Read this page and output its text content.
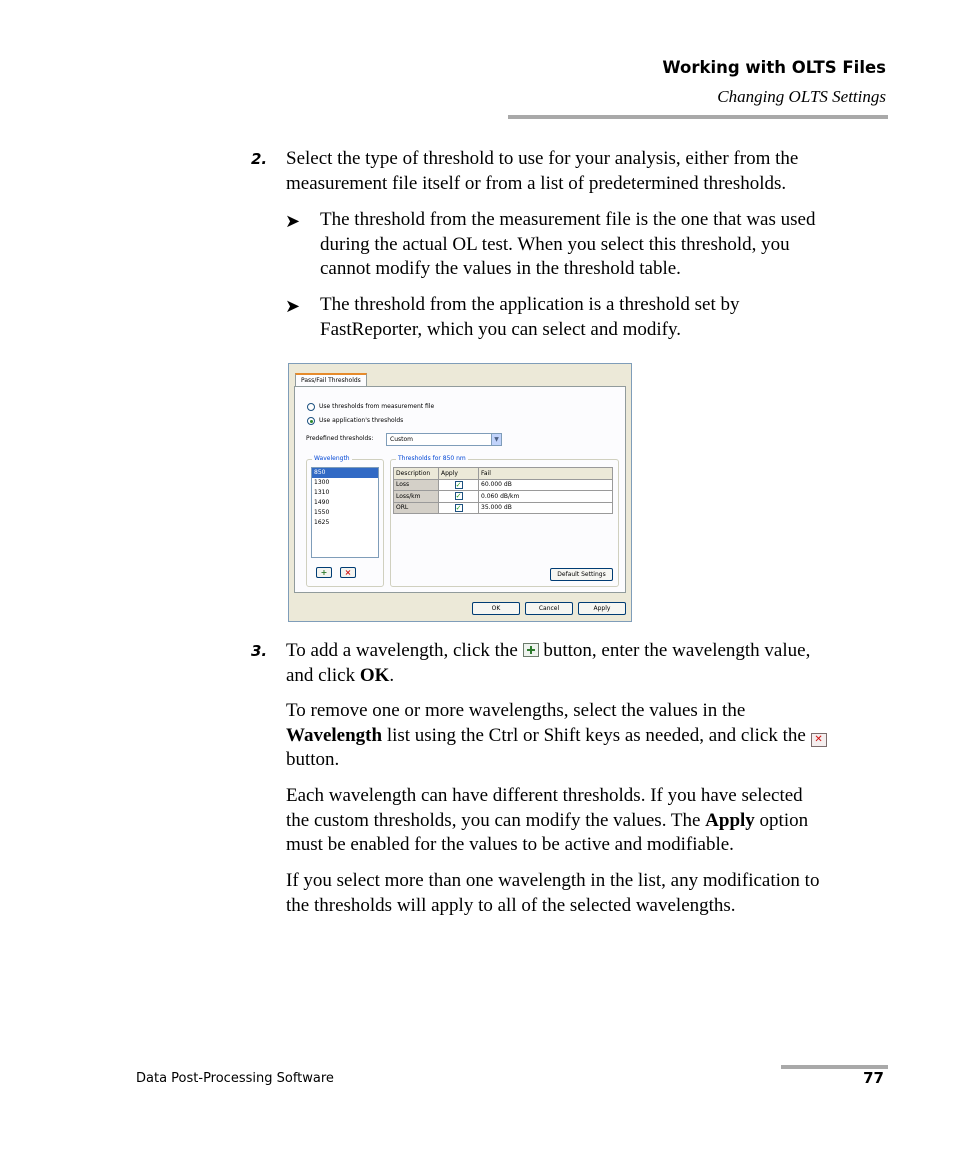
Working with OLTS Files
Changing OLTS Settings
2. Select the type of threshold to use for your analysis, either from the
measurement file itself or from a list of predetermined thresholds.
➤ The threshold from the measurement file is the one that was used
during the actual OL test. When you select this threshold, you
cannot modify the values in the threshold table.
➤ The threshold from the application is a threshold set by
FastReporter, which you can select and modify.
Pass/Fail Thresholds
Use thresholds from measurement file
Use application's thresholds
Predefined thresholds:	Custom	▼
Wavelength
850
1300
1310
1490
1550
1625
+	×
Thresholds for 850 nm
Description	Apply	Fail
Loss	✓	60.000 dB
Loss/km	✓	0.060 dB/km
ORL	✓	35.000 dB
Default Settings
OK	Cancel	Apply
3. To add a wavelength, click the button, enter the wavelength value,
and click OK.
To remove one or more wavelengths, select the values in the
Wavelength list using the Ctrl or Shift keys as needed, and click the ✕
button.
Each wavelength can have different thresholds. If you have selected
the custom thresholds, you can modify the values. The Apply option
must be enabled for the values to be active and modifiable.
If you select more than one wavelength in the list, any modification to
the thresholds will apply to all of the selected wavelengths.
Data Post-Processing Software	77
